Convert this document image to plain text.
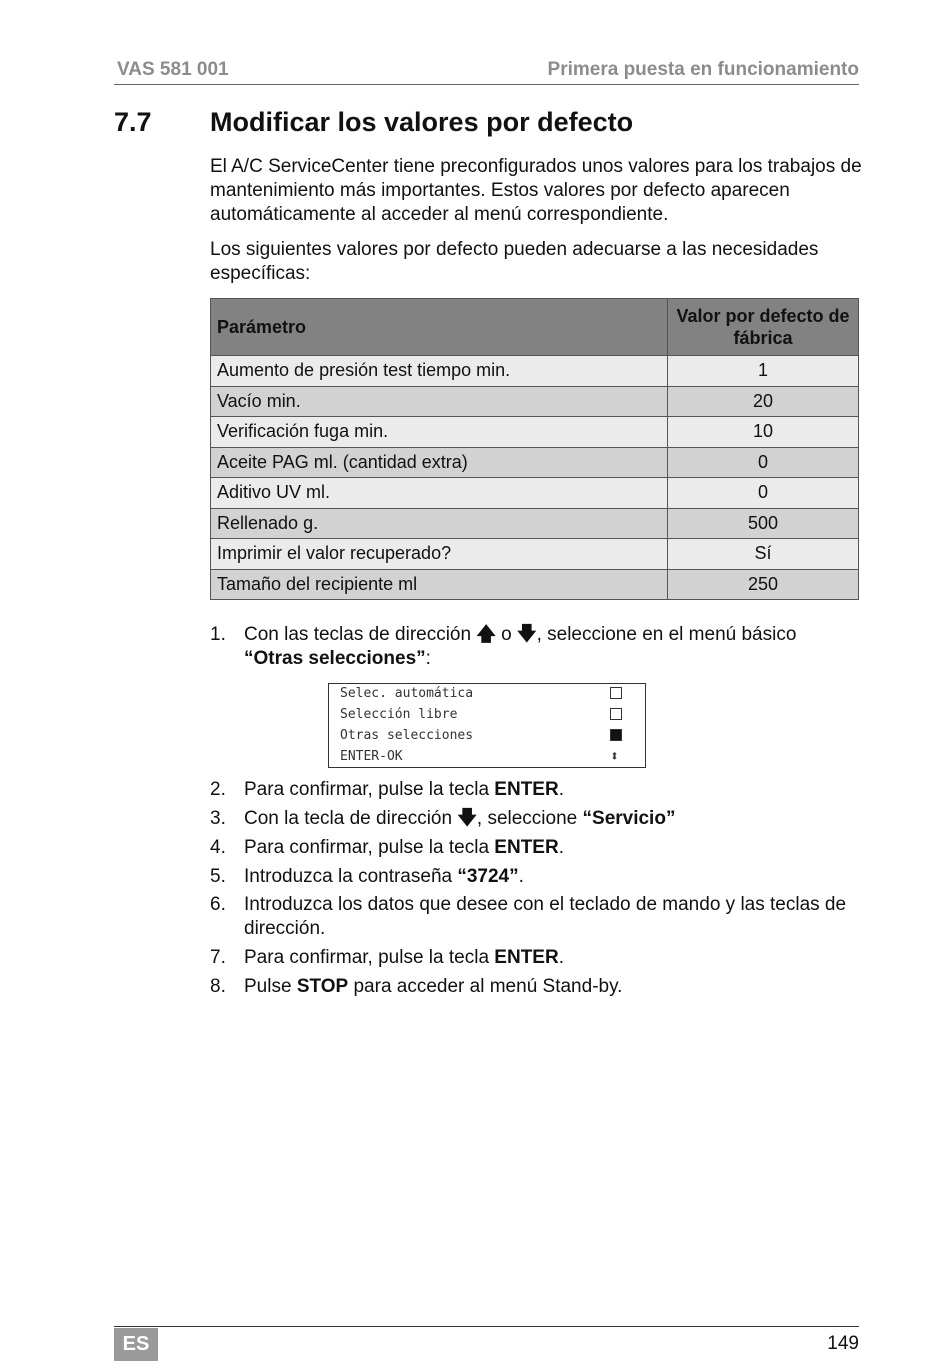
VAS 581 001	Primera puesta en funcionamiento
7.7 Modificar los valores por defecto

El A/C ServiceCenter tiene preconfigurados unos valores para los trabajos de mantenimiento más importantes. Estos valores por defecto aparecen automáticamente al acceder al menú correspondiente.

Los siguientes valores por defecto pueden adecuarse a las necesidades específicas:

Parámetro	Valor por defecto de fábrica
Aumento de presión test tiempo min.	1
Vacío min.	20
Verificación fuga min.	10
Aceite PAG ml. (cantidad extra)	0
Aditivo UV ml.	0
Rellenado g.	500
Imprimir el valor recuperado?	Sí
Tamaño del recipiente ml	250
1. Con las teclas de dirección 🡅 o 🡇, seleccione en el menú básico
“Otras selecciones”:
Selec. automática
Selección libre
Otras selecciones
ENTER-OK	⬍
2. Para confirmar, pulse la tecla ENTER.
3. Con la tecla de dirección 🡇, seleccione “Servicio”
4. Para confirmar, pulse la tecla ENTER.
5. Introduzca la contraseña “3724”.
6. Introduzca los datos que desee con el teclado de mando y las teclas de dirección.
7. Para confirmar, pulse la tecla ENTER.
8. Pulse STOP para acceder al menú Stand-by.
ES	149
